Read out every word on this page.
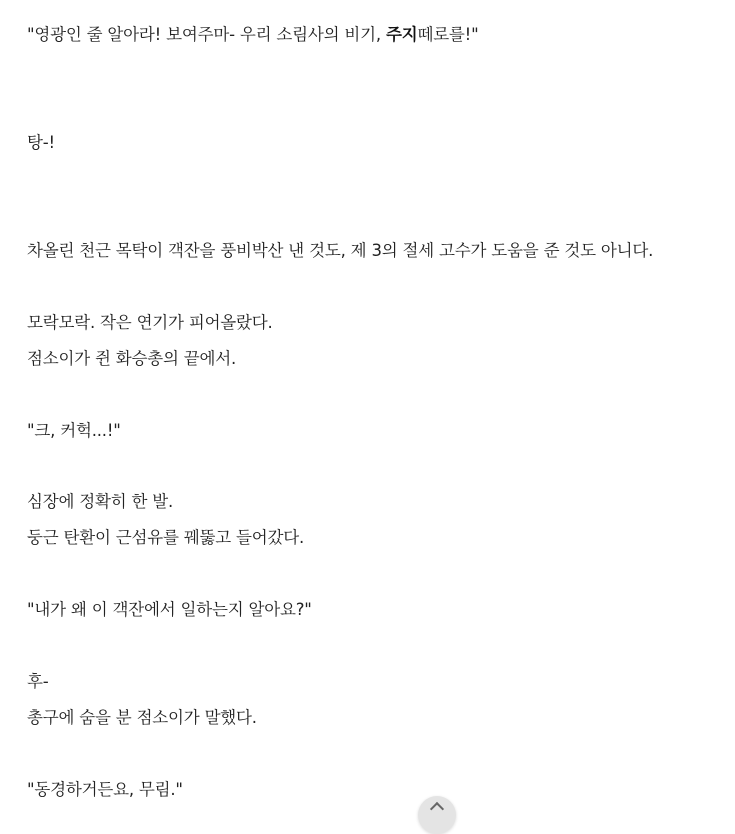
"영광인 줄 알아라! 보여주마- 우리 소림사의 비기, 주지떼로를!"
탕-!
차올린 천근 목탁이 객잔을 풍비박산 낸 것도, 제 3의 절세 고수가 도움을 준 것도 아니다.
모락모락. 작은 연기가 피어올랐다.
점소이가 쥔 화승총의 끝에서.
"크, 커헉...!"
심장에 정확히 한 발.
둥근 탄환이 근섬유를 꿰뚫고 들어갔다.
"내가 왜 이 객잔에서 일하는지 알아요?"
후-
총구에 숨을 분 점소이가 말했다.
"동경하거든요, 무림."
